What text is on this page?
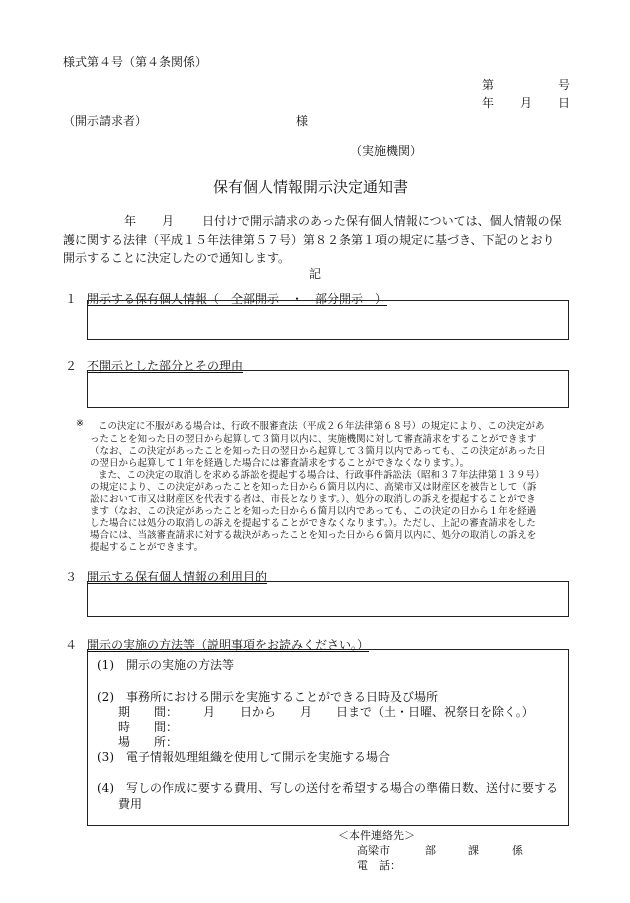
様式第４号（第４条関係）
第	号
年 月 日
（開示請求者）	様
（実施機関）
保有個人情報開示決定通知書
年 月 日付けで開示請求のあった保有個人情報については、個人情報の保
護に関する法律（平成１５年法律第５７号）第８２条第１項の規定に基づき、下記のとおり
開示することに決定したので通知します。
記
１ 開示する保有個人情報（　全部開示　・　部分開示　）
２ 不開示とした部分とその理由
※ この決定に不服がある場合は、行政不服審査法（平成２６年法律第６８号）の規定により、この決定があ
ったことを知った日の翌日から起算して３箇月以内に、実施機関に対して審査請求をすることができます
（なお、この決定があったことを知った日の翌日から起算して３箇月以内であっても、この決定があった日
の翌日から起算して１年を経過した場合には審査請求をすることができなくなります。）。
また、この決定の取消しを求める訴訟を提起する場合は、行政事件訴訟法（昭和３７年法律第１３９号）
の規定により、この決定があったことを知った日から６箇月以内に、高梁市又は財産区を被告として（訴
訟において市又は財産区を代表する者は、市長となります。）、処分の取消しの訴えを提起することができ
ます（なお、この決定があったことを知った日から６箇月以内であっても、この決定の日から１年を経過
した場合には処分の取消しの訴えを提起することができなくなります。）。ただし、上記の審査請求をした
場合には、当該審査請求に対する裁決があったことを知った日から６箇月以内に、処分の取消しの訴えを
提起することができます。
３ 開示する保有個人情報の利用目的
４ 開示の実施の方法等（説明事項をお読みください。）
(1)　開示の実施の方法等
(2)　事務所における開示を実施することができる日時及び場所
期　　間： 月 日から 月 日まで（土・日曜、祝祭日を除く。）
時　　間：
場　　所：
(3)　電子情報処理組織を使用して開示を実施する場合
(4)　写しの作成に要する費用、写しの送付を希望する場合の準備日数、送付に要する
費用
＜本件連絡先＞
高梁市	部	課	係
電　話：
